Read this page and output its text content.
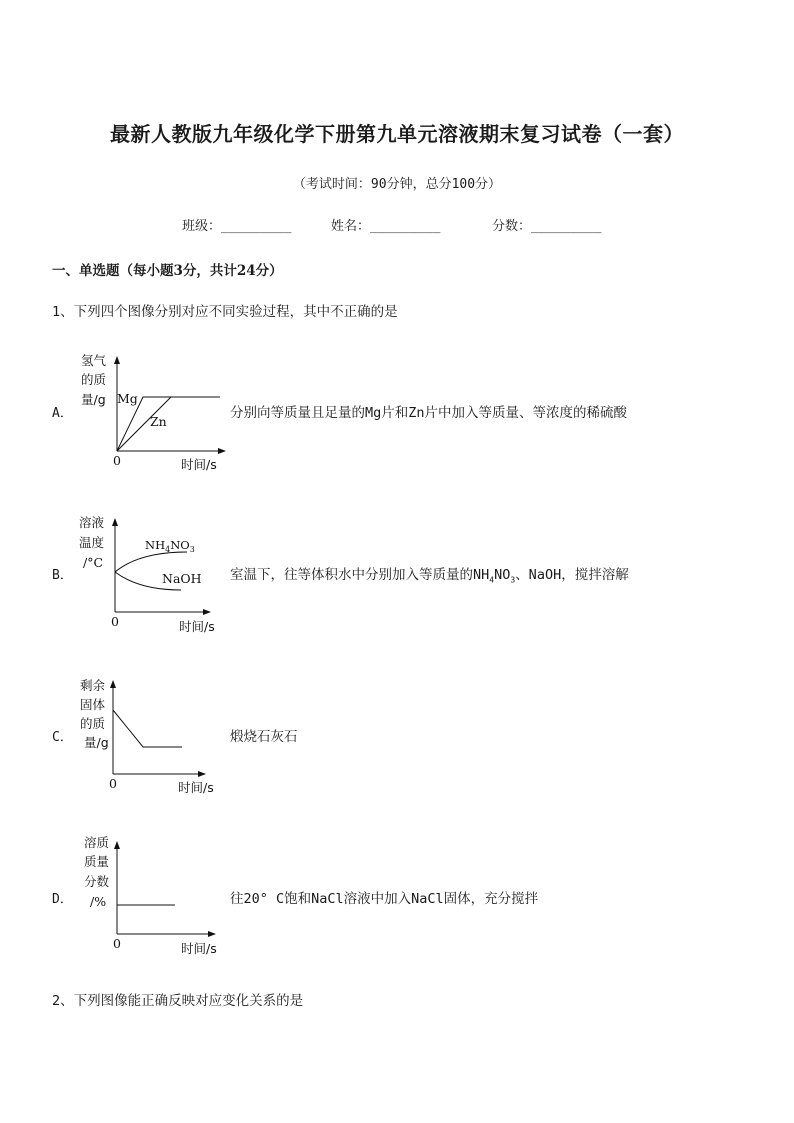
最新人教版九年级化学下册第九单元溶液期末复习试卷（一套）
（考试时间：90分钟，总分100分）
班级：_________	姓名：_________	分数：_________
一、单选题（每小题3分，共计24分）
1、下列四个图像分别对应不同实验过程，其中不正确的是
A．	分别向等质量且足量的Mg片和Zn片中加入等质量、等浓度的稀硫酸
氢气
的质
量/g Mg
Zn
0	时间/s
B．	室温下，往等体积水中分别加入等质量的$NH_4NO_3$、NaOH，搅拌溶解
溶液
温度
/°C
$NH_4NO_3$
NaOH
0	时间/s
C．	煅烧石灰石
剩余
固体
的质
量/g
0	时间/s
D．	往20° C饱和NaCl溶液中加入NaCl固体，充分搅拌
溶质
质量
分数
/%
0	时间/s
2、下列图像能正确反映对应变化关系的是
